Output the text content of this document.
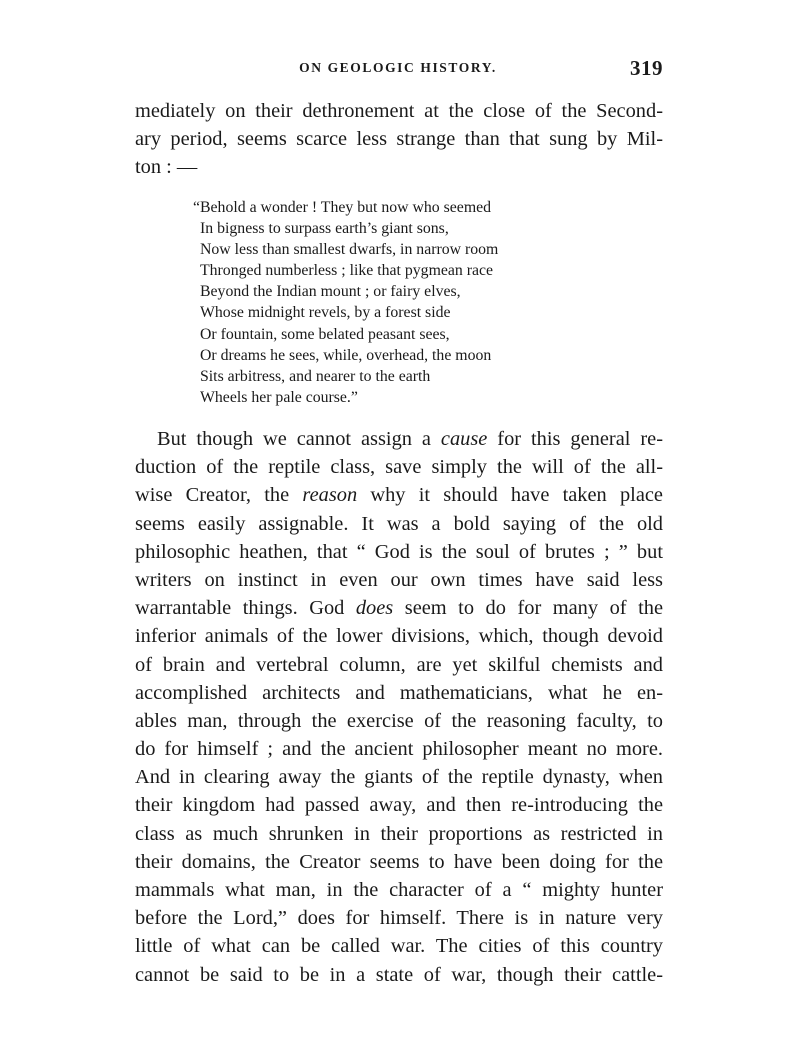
ON GEOLOGIC HISTORY.	319
mediately on their dethronement at the close of the Second-
ary period, seems scarce less strange than that sung by Mil-
ton : —
“Behold a wonder ! They but now who seemed
In bigness to surpass earth’s giant sons,
Now less than smallest dwarfs, in narrow room
Thronged numberless ; like that pygmean race
Beyond the Indian mount ; or fairy elves,
Whose midnight revels, by a forest side
Or fountain, some belated peasant sees,
Or dreams he sees, while, overhead, the moon
Sits arbitress, and nearer to the earth
Wheels her pale course.”
But though we cannot assign a cause for this general re-
duction of the reptile class, save simply the will of the all-
wise Creator, the reason why it should have taken place
seems easily assignable. It was a bold saying of the old
philosophic heathen, that “ God is the soul of brutes ; ” but
writers on instinct in even our own times have said less
warrantable things. God does seem to do for many of the
inferior animals of the lower divisions, which, though devoid
of brain and vertebral column, are yet skilful chemists and
accomplished architects and mathematicians, what he en-
ables man, through the exercise of the reasoning faculty, to
do for himself ; and the ancient philosopher meant no more.
And in clearing away the giants of the reptile dynasty, when
their kingdom had passed away, and then re-introducing the
class as much shrunken in their proportions as restricted in
their domains, the Creator seems to have been doing for the
mammals what man, in the character of a “ mighty hunter
before the Lord,” does for himself. There is in nature very
little of what can be called war. The cities of this country
cannot be said to be in a state of war, though their cattle-
